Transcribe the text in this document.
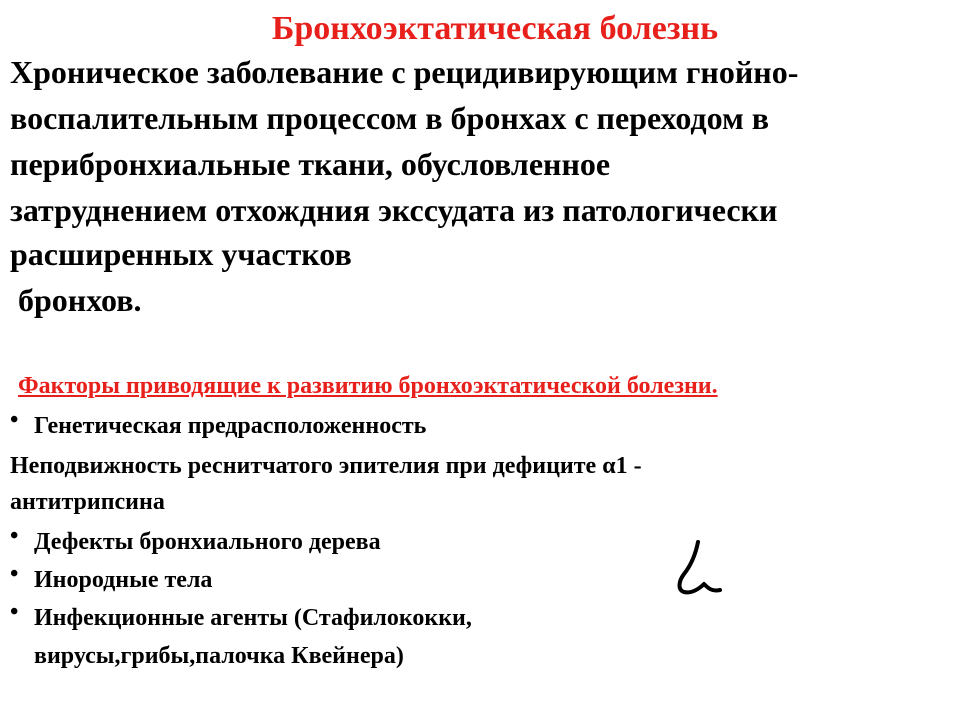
Бронхоэктатическая болезнь
Хроническое заболевание с рецидивирующим гнойно-
воспалительным процессом в бронхах с переходом в
перибронхиальные ткани, обусловленное
затруднением отхождния экссудата из патологически
расширенных участков
бронхов.
Факторы приводящие к развитию бронхоэктатической болезни.
• Генетическая предрасположенность
Неподвижность реснитчатого эпителия при дефиците α1 -
антитрипсина
• Дефекты бронхиального дерева
• Инородные тела
• Инфекционные агенты (Стафилококки,
вирусы,грибы,палочка Квейнера)
